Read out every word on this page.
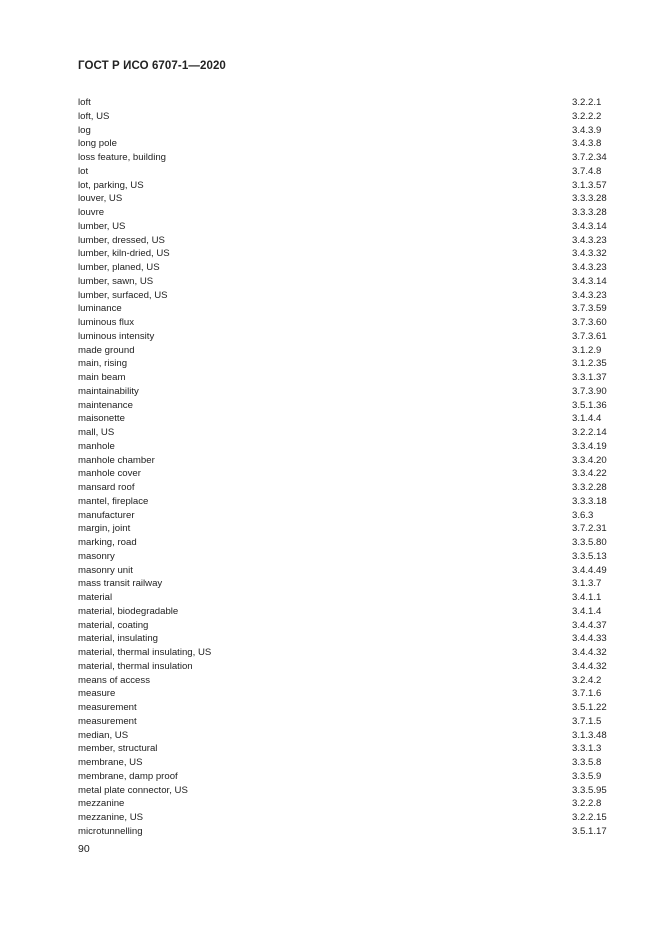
ГОСТ Р ИСО 6707-1—2020
loft	3.2.2.1
loft, US	3.2.2.2
log	3.4.3.9
long pole	3.4.3.8
loss feature, building	3.7.2.34
lot	3.7.4.8
lot, parking, US	3.1.3.57
louver, US	3.3.3.28
louvre	3.3.3.28
lumber, US	3.4.3.14
lumber, dressed, US	3.4.3.23
lumber, kiln-dried, US	3.4.3.32
lumber, planed, US	3.4.3.23
lumber, sawn, US	3.4.3.14
lumber, surfaced, US	3.4.3.23
luminance	3.7.3.59
luminous flux	3.7.3.60
luminous intensity	3.7.3.61
made ground	3.1.2.9
main, rising	3.1.2.35
main beam	3.3.1.37
maintainability	3.7.3.90
maintenance	3.5.1.36
maisonette	3.1.4.4
mall, US	3.2.2.14
manhole	3.3.4.19
manhole chamber	3.3.4.20
manhole cover	3.3.4.22
mansard roof	3.3.2.28
mantel, fireplace	3.3.3.18
manufacturer	3.6.3
margin, joint	3.7.2.31
marking, road	3.3.5.80
masonry	3.3.5.13
masonry unit	3.4.4.49
mass transit railway	3.1.3.7
material	3.4.1.1
material, biodegradable	3.4.1.4
material, coating	3.4.4.37
material, insulating	3.4.4.33
material, thermal insulating, US	3.4.4.32
material, thermal insulation	3.4.4.32
means of access	3.2.4.2
measure	3.7.1.6
measurement	3.5.1.22
measurement	3.7.1.5
median, US	3.1.3.48
member, structural	3.3.1.3
membrane, US	3.3.5.8
membrane, damp proof	3.3.5.9
metal plate connector, US	3.3.5.95
mezzanine	3.2.2.8
mezzanine, US	3.2.2.15
microtunnelling	3.5.1.17
90
